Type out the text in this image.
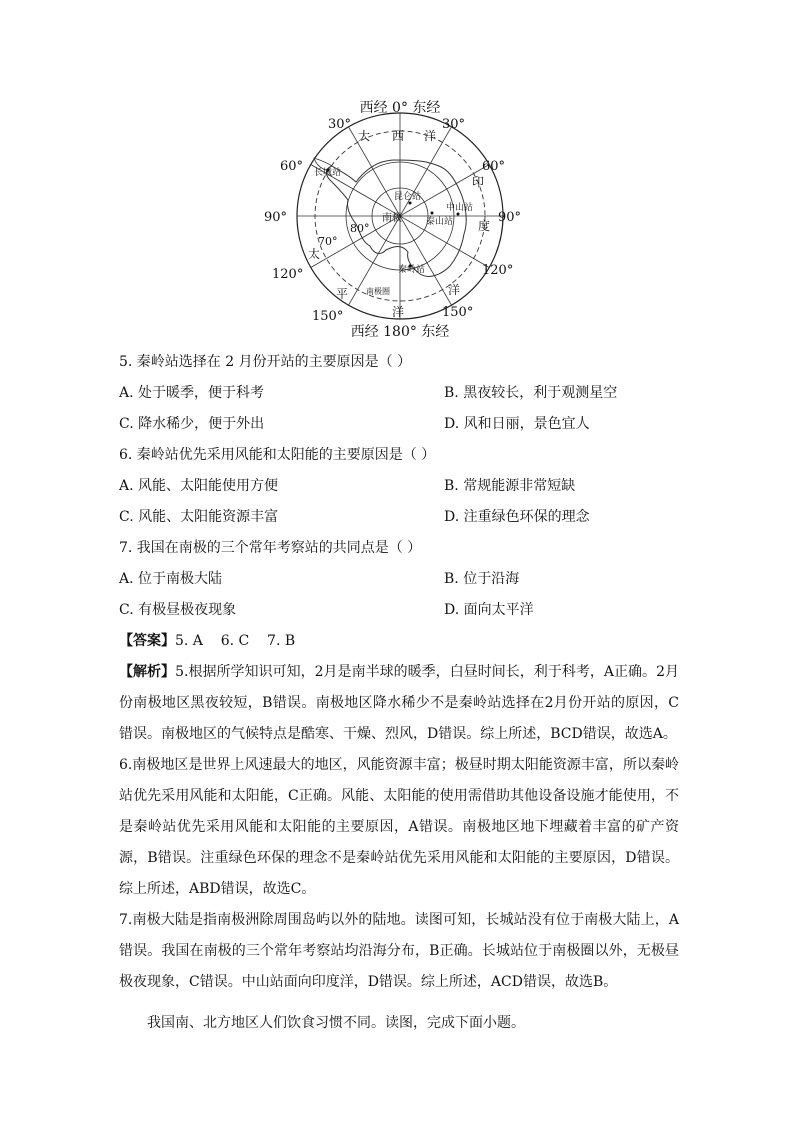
西经 0° 东经
西经 180° 东经
30°	30°
60°	60°
90°	90°
120°	120°
150°	150°
70°
80°
大 西 洋
印
度
洋
平
洋
太
长城站
昆仑站
中山站
泰山站
秦岭站
南极
南极圈
5. 秦岭站选择在 2 月份开站的主要原因是（ ）
A. 处于暖季，便于科考	B. 黑夜较长，利于观测星空
C. 降水稀少，便于外出	D. 风和日丽，景色宜人
6. 秦岭站优先采用风能和太阳能的主要原因是（ ）
A. 风能、太阳能使用方便	B. 常规能源非常短缺
C. 风能、太阳能资源丰富	D. 注重绿色环保的理念
7. 我国在南极的三个常年考察站的共同点是（ ）
A. 位于南极大陆	B. 位于沿海
C. 有极昼极夜现象	D. 面向太平洋
【答案】5. A    6. C    7. B

【解析】5.根据所学知识可知，2月是南半球的暖季，白昼时间长，利于科考，A正确。2月份南极地区黑夜较短，B错误。南极地区降水稀少不是秦岭站选择在2月份开站的原因，C错误。南极地区的气候特点是酷寒、干燥、烈风，D错误。综上所述，BCD错误，故选A。

6.南极地区是世界上风速最大的地区，风能资源丰富；极昼时期太阳能资源丰富，所以秦岭站优先采用风能和太阳能，C正确。风能、太阳能的使用需借助其他设备设施才能使用，不是秦岭站优先采用风能和太阳能的主要原因，A错误。南极地区地下埋藏着丰富的矿产资源，B错误。注重绿色环保的理念不是秦岭站优先采用风能和太阳能的主要原因，D错误。综上所述，ABD错误，故选C。

7.南极大陆是指南极洲除周围岛屿以外的陆地。读图可知，长城站没有位于南极大陆上，A错误。我国在南极的三个常年考察站均沿海分布，B正确。长城站位于南极圈以外，无极昼极夜现象，C错误。中山站面向印度洋，D错误。综上所述，ACD错误，故选B。

我国南、北方地区人们饮食习惯不同。读图，完成下面小题。
